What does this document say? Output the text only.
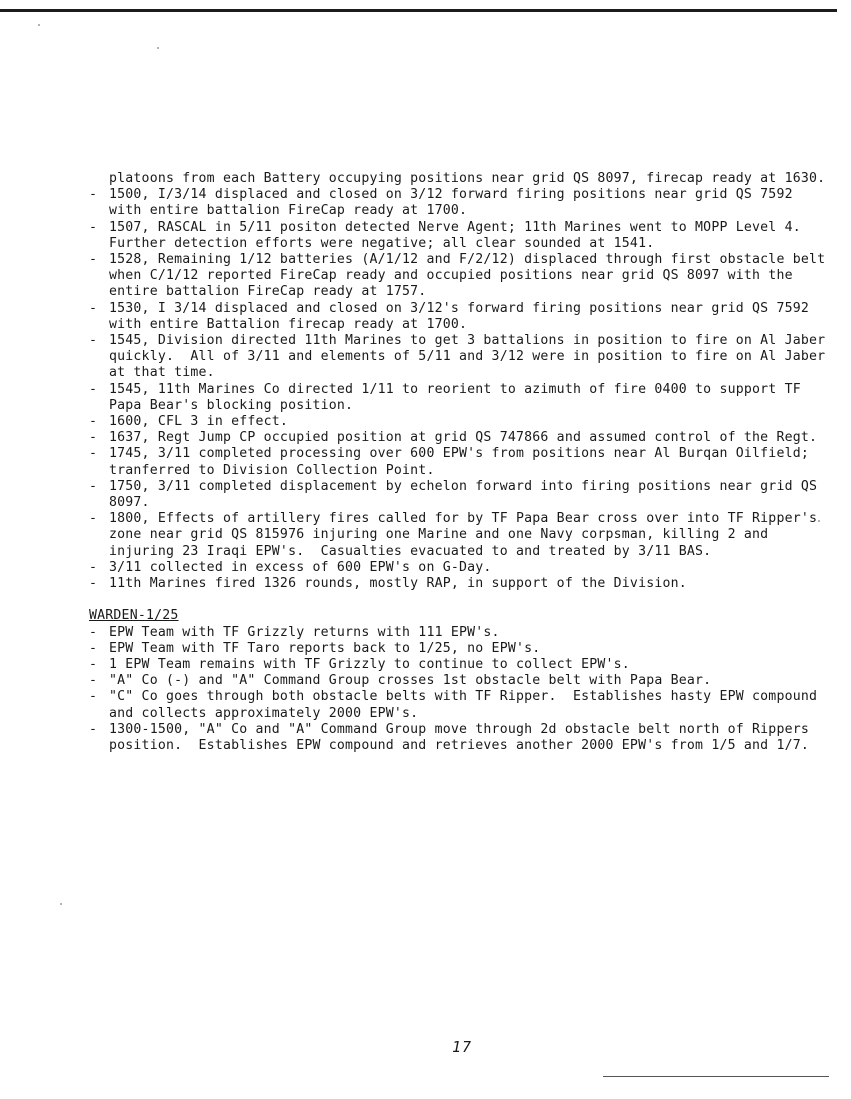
platoons from each Battery occupying positions near grid QS 8097, firecap ready at 1630.
- 1500, I/3/14 displaced and closed on 3/12 forward firing positions near grid QS 7592 with entire battalion FireCap ready at 1700.
- 1507, RASCAL in 5/11 positon detected Nerve Agent; 11th Marines went to MOPP Level 4.  Further detection efforts were negative; all clear sounded at 1541.
- 1528, Remaining 1/12 batteries (A/1/12 and F/2/12) displaced through first obstacle belt when C/1/12 reported FireCap ready and occupied positions near grid QS 8097 with the entire battalion FireCap ready at 1757.
- 1530, I 3/14 displaced and closed on 3/12's forward firing positions near grid QS 7592 with entire Battalion firecap ready at 1700.
- 1545, Division directed 11th Marines to get 3 battalions in position to fire on Al Jaber quickly.  All of 3/11 and elements of 5/11 and 3/12 were in position to fire on Al Jaber at that time.
- 1545, 11th Marines Co directed 1/11 to reorient to azimuth of fire 0400 to support TF Papa Bear's blocking position.
- 1600, CFL 3 in effect.
- 1637, Regt Jump CP occupied position at grid QS 747866 and assumed control of the Regt.
- 1745, 3/11 completed processing over 600 EPW's from positions near Al Burqan Oilfield; tranferred to Division Collection Point.
- 1750, 3/11 completed displacement by echelon forward into firing positions near grid QS 8097.
- 1800, Effects of artillery fires called for by TF Papa Bear cross over into TF Ripper's zone near grid QS 815976 injuring one Marine and one Navy corpsman, killing 2 and injuring 23 Iraqi EPW's.  Casualties evacuated to and treated by 3/11 BAS.
- 3/11 collected in excess of 600 EPW's on G-Day.
- 11th Marines fired 1326 rounds, mostly RAP, in support of the Division.
WARDEN-1/25
- EPW Team with TF Grizzly returns with 111 EPW's.
- EPW Team with TF Taro reports back to 1/25, no EPW's.
- 1 EPW Team remains with TF Grizzly to continue to collect EPW's.
- "A" Co (-) and "A" Command Group crosses 1st obstacle belt with Papa Bear.
- "C" Co goes through both obstacle belts with TF Ripper.  Establishes hasty EPW compound and collects approximately 2000 EPW's.
- 1300-1500, "A" Co and "A" Command Group move through 2d obstacle belt north of Rippers position.  Establishes EPW compound and retrieves another 2000 EPW's from 1/5 and 1/7.
17
